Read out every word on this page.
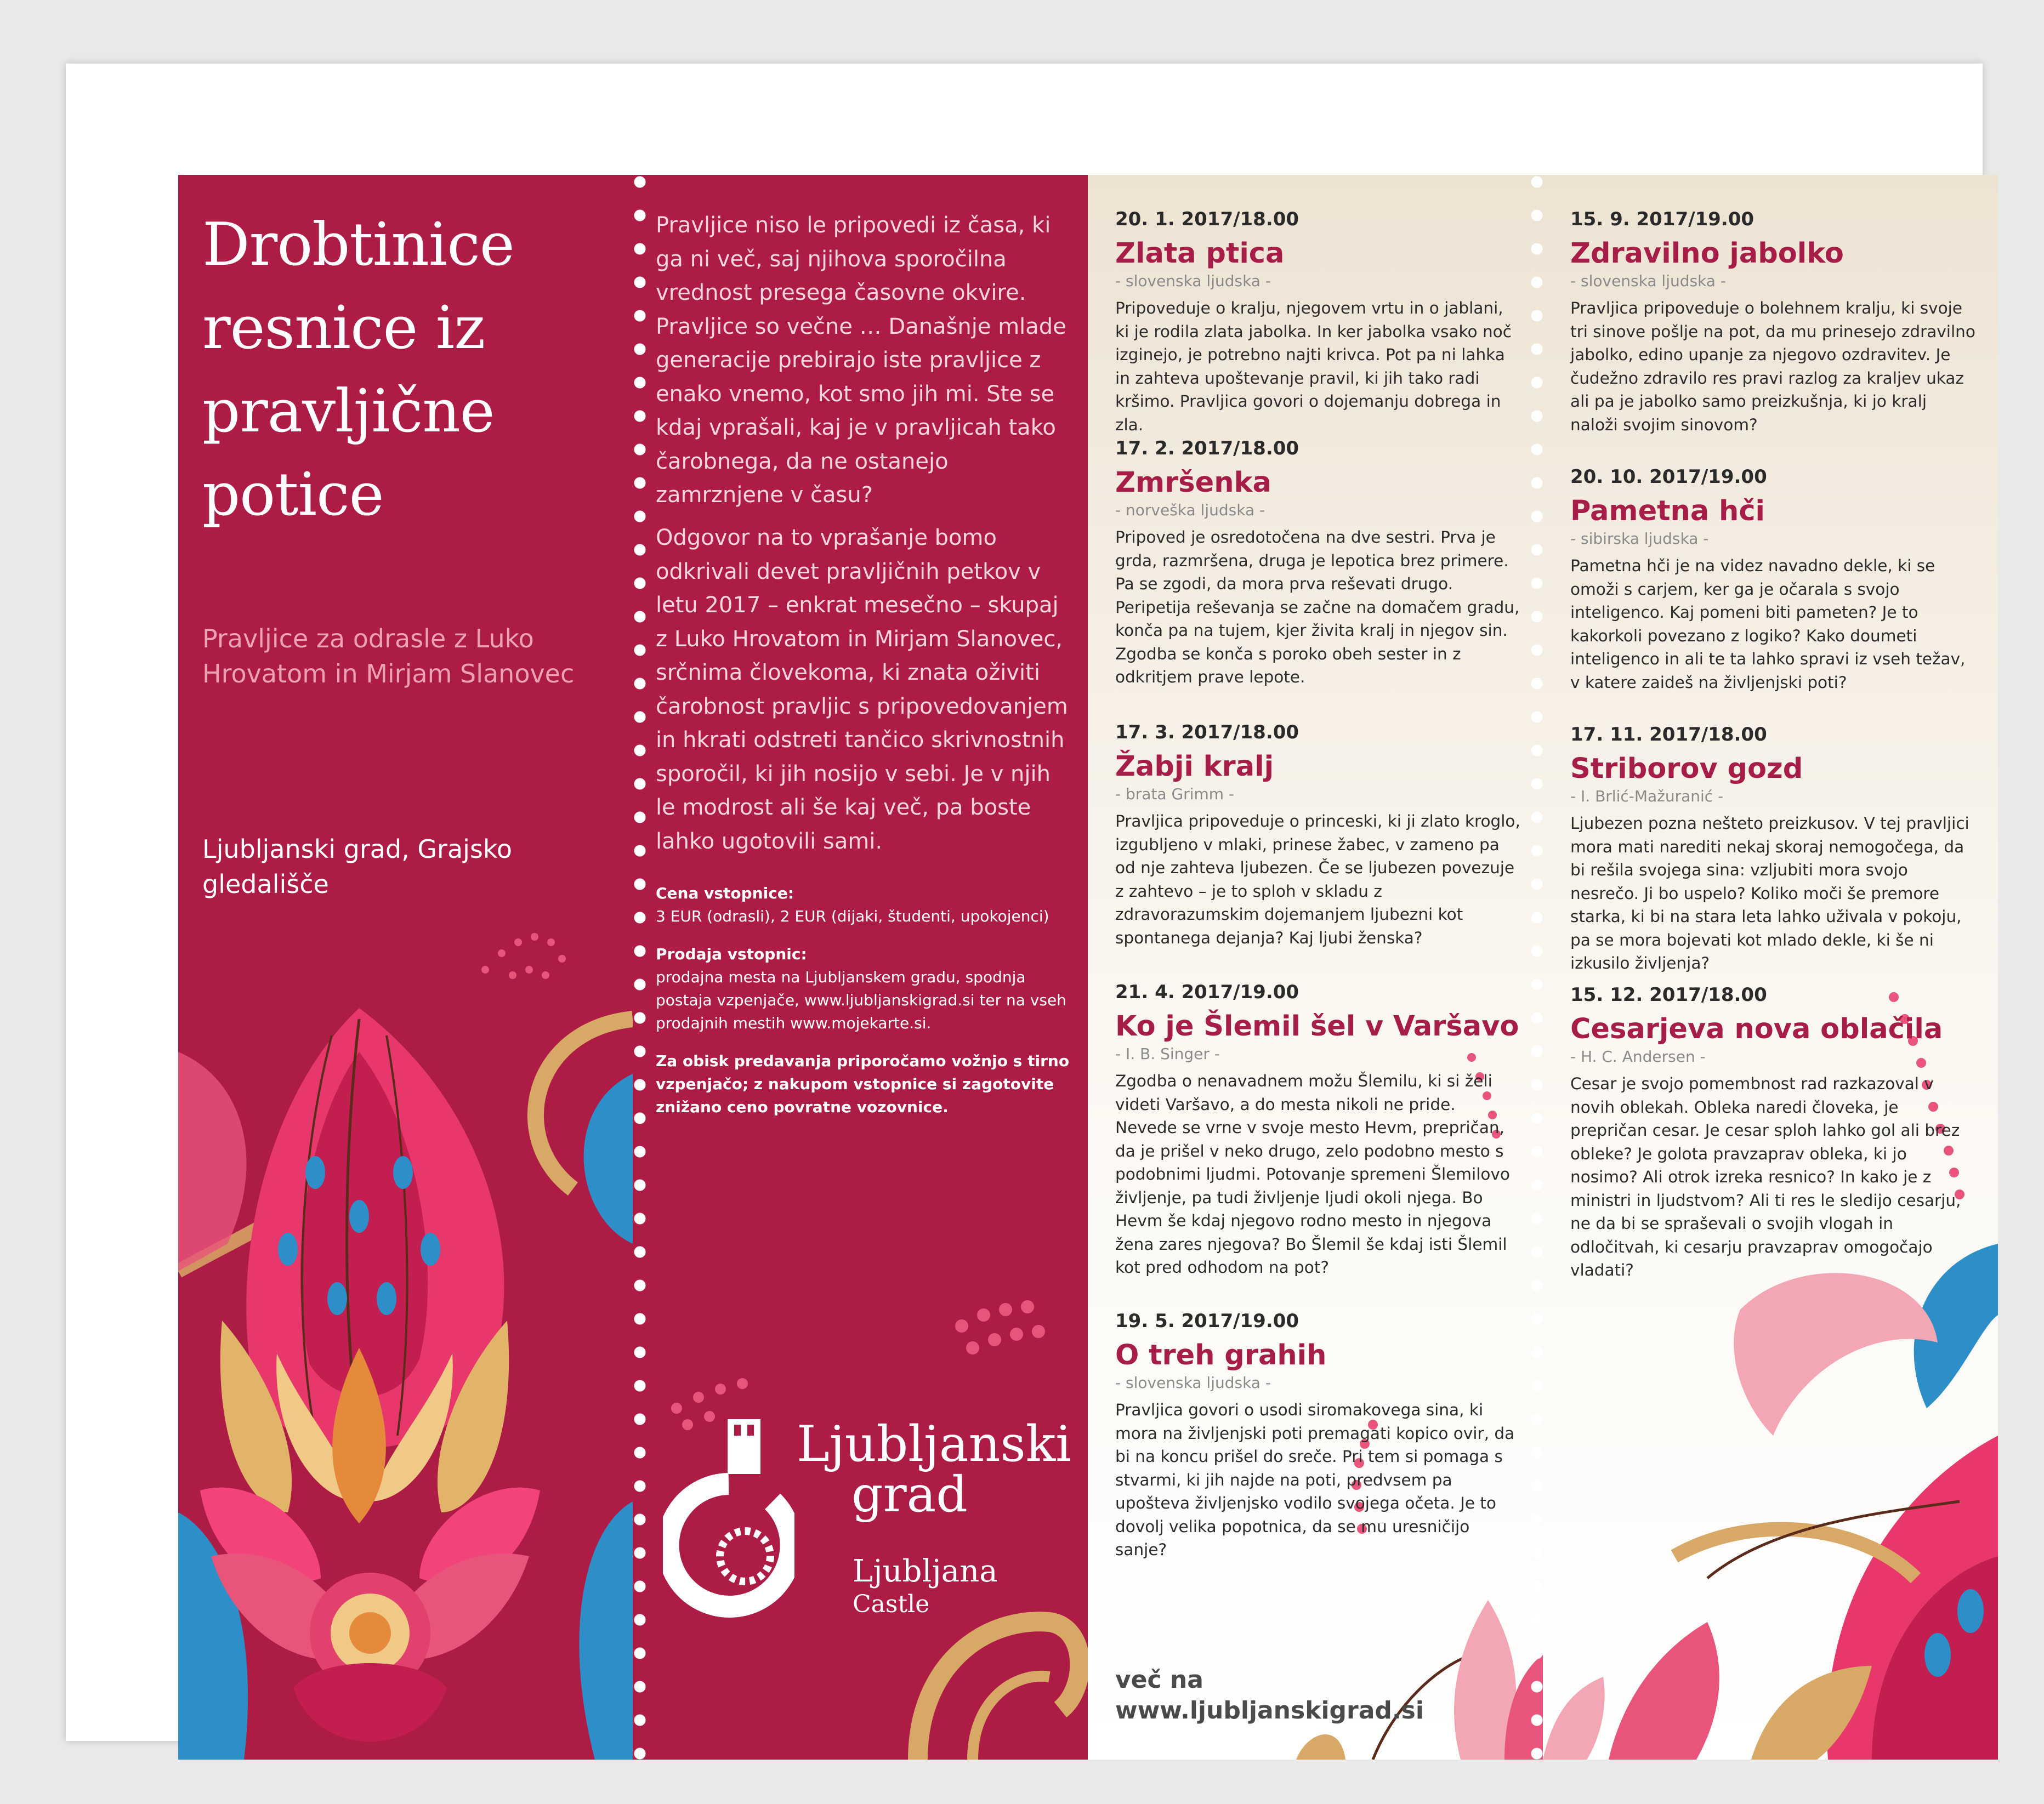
Drobtinice resnice iz pravljične potice

Pravljice za odrasle z Luko Hrovatom in Mirjam Slanovec

Ljubljanski grad, Grajsko gledališče

Pravljice niso le pripovedi iz časa, ki ga ni več, saj njihova sporočilna vrednost presega časovne okvire. Pravljice so večne … Današnje mlade generacije prebirajo iste pravljice z enako vnemo, kot smo jih mi. Ste se kdaj vprašali, kaj je v pravljicah tako čarobnega, da ne ostanejo zamrznjene v času?

Odgovor na to vprašanje bomo odkrivali devet pravljičnih petkov v letu 2017 – enkrat mesečno – skupaj z Luko Hrovatom in Mirjam Slanovec, srčnima človekoma, ki znata oživiti čarobnost pravljic s pripovedovanjem in hkrati odstreti tančico skrivnostnih sporočil, ki jih nosijo v sebi. Je v njih le modrost ali še kaj več, pa boste lahko ugotovili sami.

Cena vstopnice:
3 EUR (odrasli), 2 EUR (dijaki, študenti, upokojenci)

Prodaja vstopnic:
prodajna mesta na Ljubljanskem gradu, spodnja postaja vzpenjače, www.ljubljanskigrad.si ter na vseh prodajnih mestih www.mojekarte.si.

Za obisk predavanja priporočamo vožnjo s tirno vzpenjačo; z nakupom vstopnice si zagotovite znižano ceno povratne vozovnice.

Ljubljanski
grad

Ljubljana
Castle

20. 1. 2017/18.00

Zlata ptica

- slovenska ljudska -

Pripoveduje o kralju, njegovem vrtu in o jablani, ki je rodila zlata jabolka. In ker jabolka vsako noč izginejo, je potrebno najti krivca. Pot pa ni lahka in zahteva upoštevanje pravil, ki jih tako radi kršimo. Pravljica govori o dojemanju dobrega in zla.

17. 2. 2017/18.00

Zmršenka

- norveška ljudska -

Pripoved je osredotočena na dve sestri. Prva je grda, razmršena, druga je lepotica brez primere. Pa se zgodi, da mora prva reševati drugo. Peripetija reševanja se začne na domačem gradu, konča pa na tujem, kjer živita kralj in njegov sin. Zgodba se konča s poroko obeh sester in z odkritjem prave lepote.

17. 3. 2017/18.00

Žabji kralj

- brata Grimm -

Pravljica pripoveduje o princeski, ki ji zlato kroglo, izgubljeno v mlaki, prinese žabec, v zameno pa od nje zahteva ljubezen. Če se ljubezen povezuje z zahtevo – je to sploh v skladu z zdravorazumskim dojemanjem ljubezni kot spontanega dejanja? Kaj ljubi ženska?

21. 4. 2017/19.00

Ko je Šlemil šel v Varšavo

- I. B. Singer -

Zgodba o nenavadnem možu Šlemilu, ki si želi videti Varšavo, a do mesta nikoli ne pride. Nevede se vrne v svoje mesto Hevm, prepričan, da je prišel v neko drugo, zelo podobno mesto s podobnimi ljudmi. Potovanje spremeni Šlemilovo življenje, pa tudi življenje ljudi okoli njega. Bo Hevm še kdaj njegovo rodno mesto in njegova žena zares njegova? Bo Šlemil še kdaj isti Šlemil kot pred odhodom na pot?

19. 5. 2017/19.00

O treh grahih

- slovenska ljudska -

Pravljica govori o usodi siromakovega sina, ki mora na življenjski poti premagati kopico ovir, da bi na koncu prišel do sreče. Pri tem si pomaga s stvarmi, ki jih najde na poti, predvsem pa upošteva življenjsko vodilo svojega očeta. Je to dovolj velika popotnica, da se mu uresničijo sanje?

več na
www.ljubljanskigrad.si

15. 9. 2017/19.00

Zdravilno jabolko

- slovenska ljudska -

Pravljica pripoveduje o bolehnem kralju, ki svoje tri sinove pošlje na pot, da mu prinesejo zdravilno jabolko, edino upanje za njegovo ozdravitev. Je čudežno zdravilo res pravi razlog za kraljev ukaz ali pa je jabolko samo preizkušnja, ki jo kralj naloži svojim sinovom?

20. 10. 2017/19.00

Pametna hči

- sibirska ljudska -

Pametna hči je na videz navadno dekle, ki se omoži s carjem, ker ga je očarala s svojo inteligenco. Kaj pomeni biti pameten? Je to kakorkoli povezano z logiko? Kako doumeti inteligenco in ali te ta lahko spravi iz vseh težav, v katere zaideš na življenjski poti?

17. 11. 2017/18.00

Striborov gozd

- I. Brlić-Mažuranić -

Ljubezen pozna nešteto preizkusov. V tej pravljici mora mati narediti nekaj skoraj nemogočega, da bi rešila svojega sina: vzljubiti mora svojo nesrečo. Ji bo uspelo? Koliko moči še premore starka, ki bi na stara leta lahko uživala v pokoju, pa se mora bojevati kot mlado dekle, ki še ni izkusilo življenja?

15. 12. 2017/18.00

Cesarjeva nova oblačila

- H. C. Andersen -

Cesar je svojo pomembnost rad razkazoval v novih oblekah. Obleka naredi človeka, je prepričan cesar. Je cesar sploh lahko gol ali brez obleke? Je golota pravzaprav obleka, ki jo nosimo? Ali otrok izreka resnico? In kako je z ministri in ljudstvom? Ali ti res le sledijo cesarju, ne da bi se spraševali o svojih vlogah in odločitvah, ki cesarju pravzaprav omogočajo vladati?
